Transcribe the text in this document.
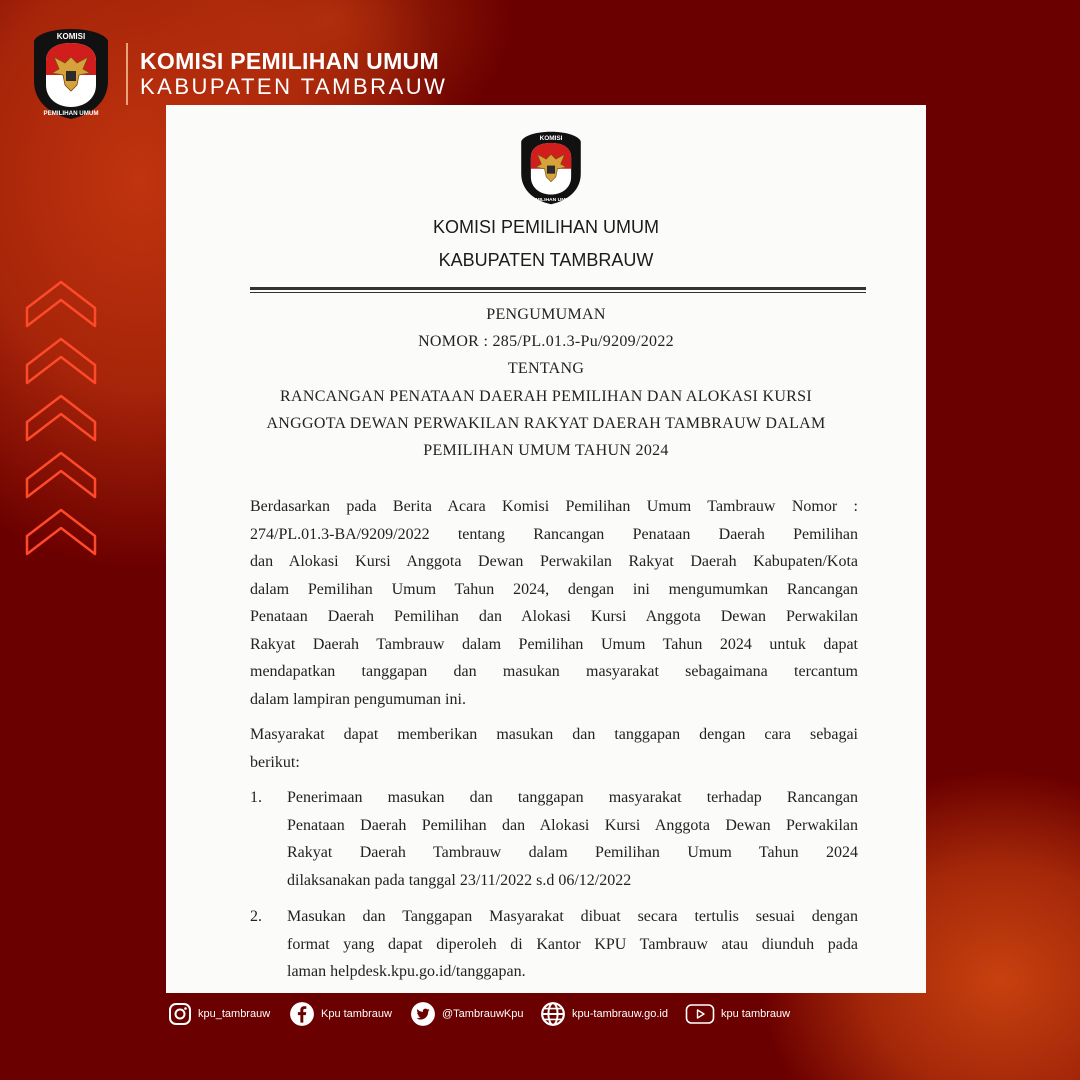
KOMISI
PEMILIHAN UMUM
KOMISI PEMILIHAN UMUM
KABUPATEN TAMBRAUW
KOMISI
PEMILIHAN UMUM
KOMISI PEMILIHAN UMUM
KABUPATEN TAMBRAUW
PENGUMUMAN
NOMOR : 285/PL.01.3-Pu/9209/2022
TENTANG
RANCANGAN PENATAAN DAERAH PEMILIHAN DAN ALOKASI KURSI
ANGGOTA DEWAN PERWAKILAN RAKYAT DAERAH TAMBRAUW DALAM
PEMILIHAN UMUM TAHUN 2024
Berdasarkan pada Berita Acara Komisi Pemilihan Umum Tambrauw Nomor :
274/PL.01.3-BA/9209/2022 tentang Rancangan Penataan Daerah Pemilihan
dan Alokasi Kursi Anggota Dewan Perwakilan Rakyat Daerah Kabupaten/Kota
dalam Pemilihan Umum Tahun 2024, dengan ini mengumumkan Rancangan
Penataan Daerah Pemilihan dan Alokasi Kursi Anggota Dewan Perwakilan
Rakyat Daerah Tambrauw dalam Pemilihan Umum Tahun 2024 untuk dapat
mendapatkan tanggapan dan masukan masyarakat sebagaimana tercantum
dalam lampiran pengumuman ini.
Masyarakat dapat memberikan masukan dan tanggapan dengan cara sebagai
berikut:
1. Penerimaan masukan dan tanggapan masyarakat terhadap Rancangan
Penataan Daerah Pemilihan dan Alokasi Kursi Anggota Dewan Perwakilan
Rakyat Daerah Tambrauw dalam Pemilihan Umum Tahun 2024
dilaksanakan pada tanggal 23/11/2022 s.d 06/12/2022
2. Masukan dan Tanggapan Masyarakat dibuat secara tertulis sesuai dengan
format yang dapat diperoleh di Kantor KPU Tambrauw atau diunduh pada
laman helpdesk.kpu.go.id/tanggapan.
kpu_tambrauw	Kpu tambrauw	@TambrauwKpu	kpu-tambrauw.go.id	kpu tambrauw
